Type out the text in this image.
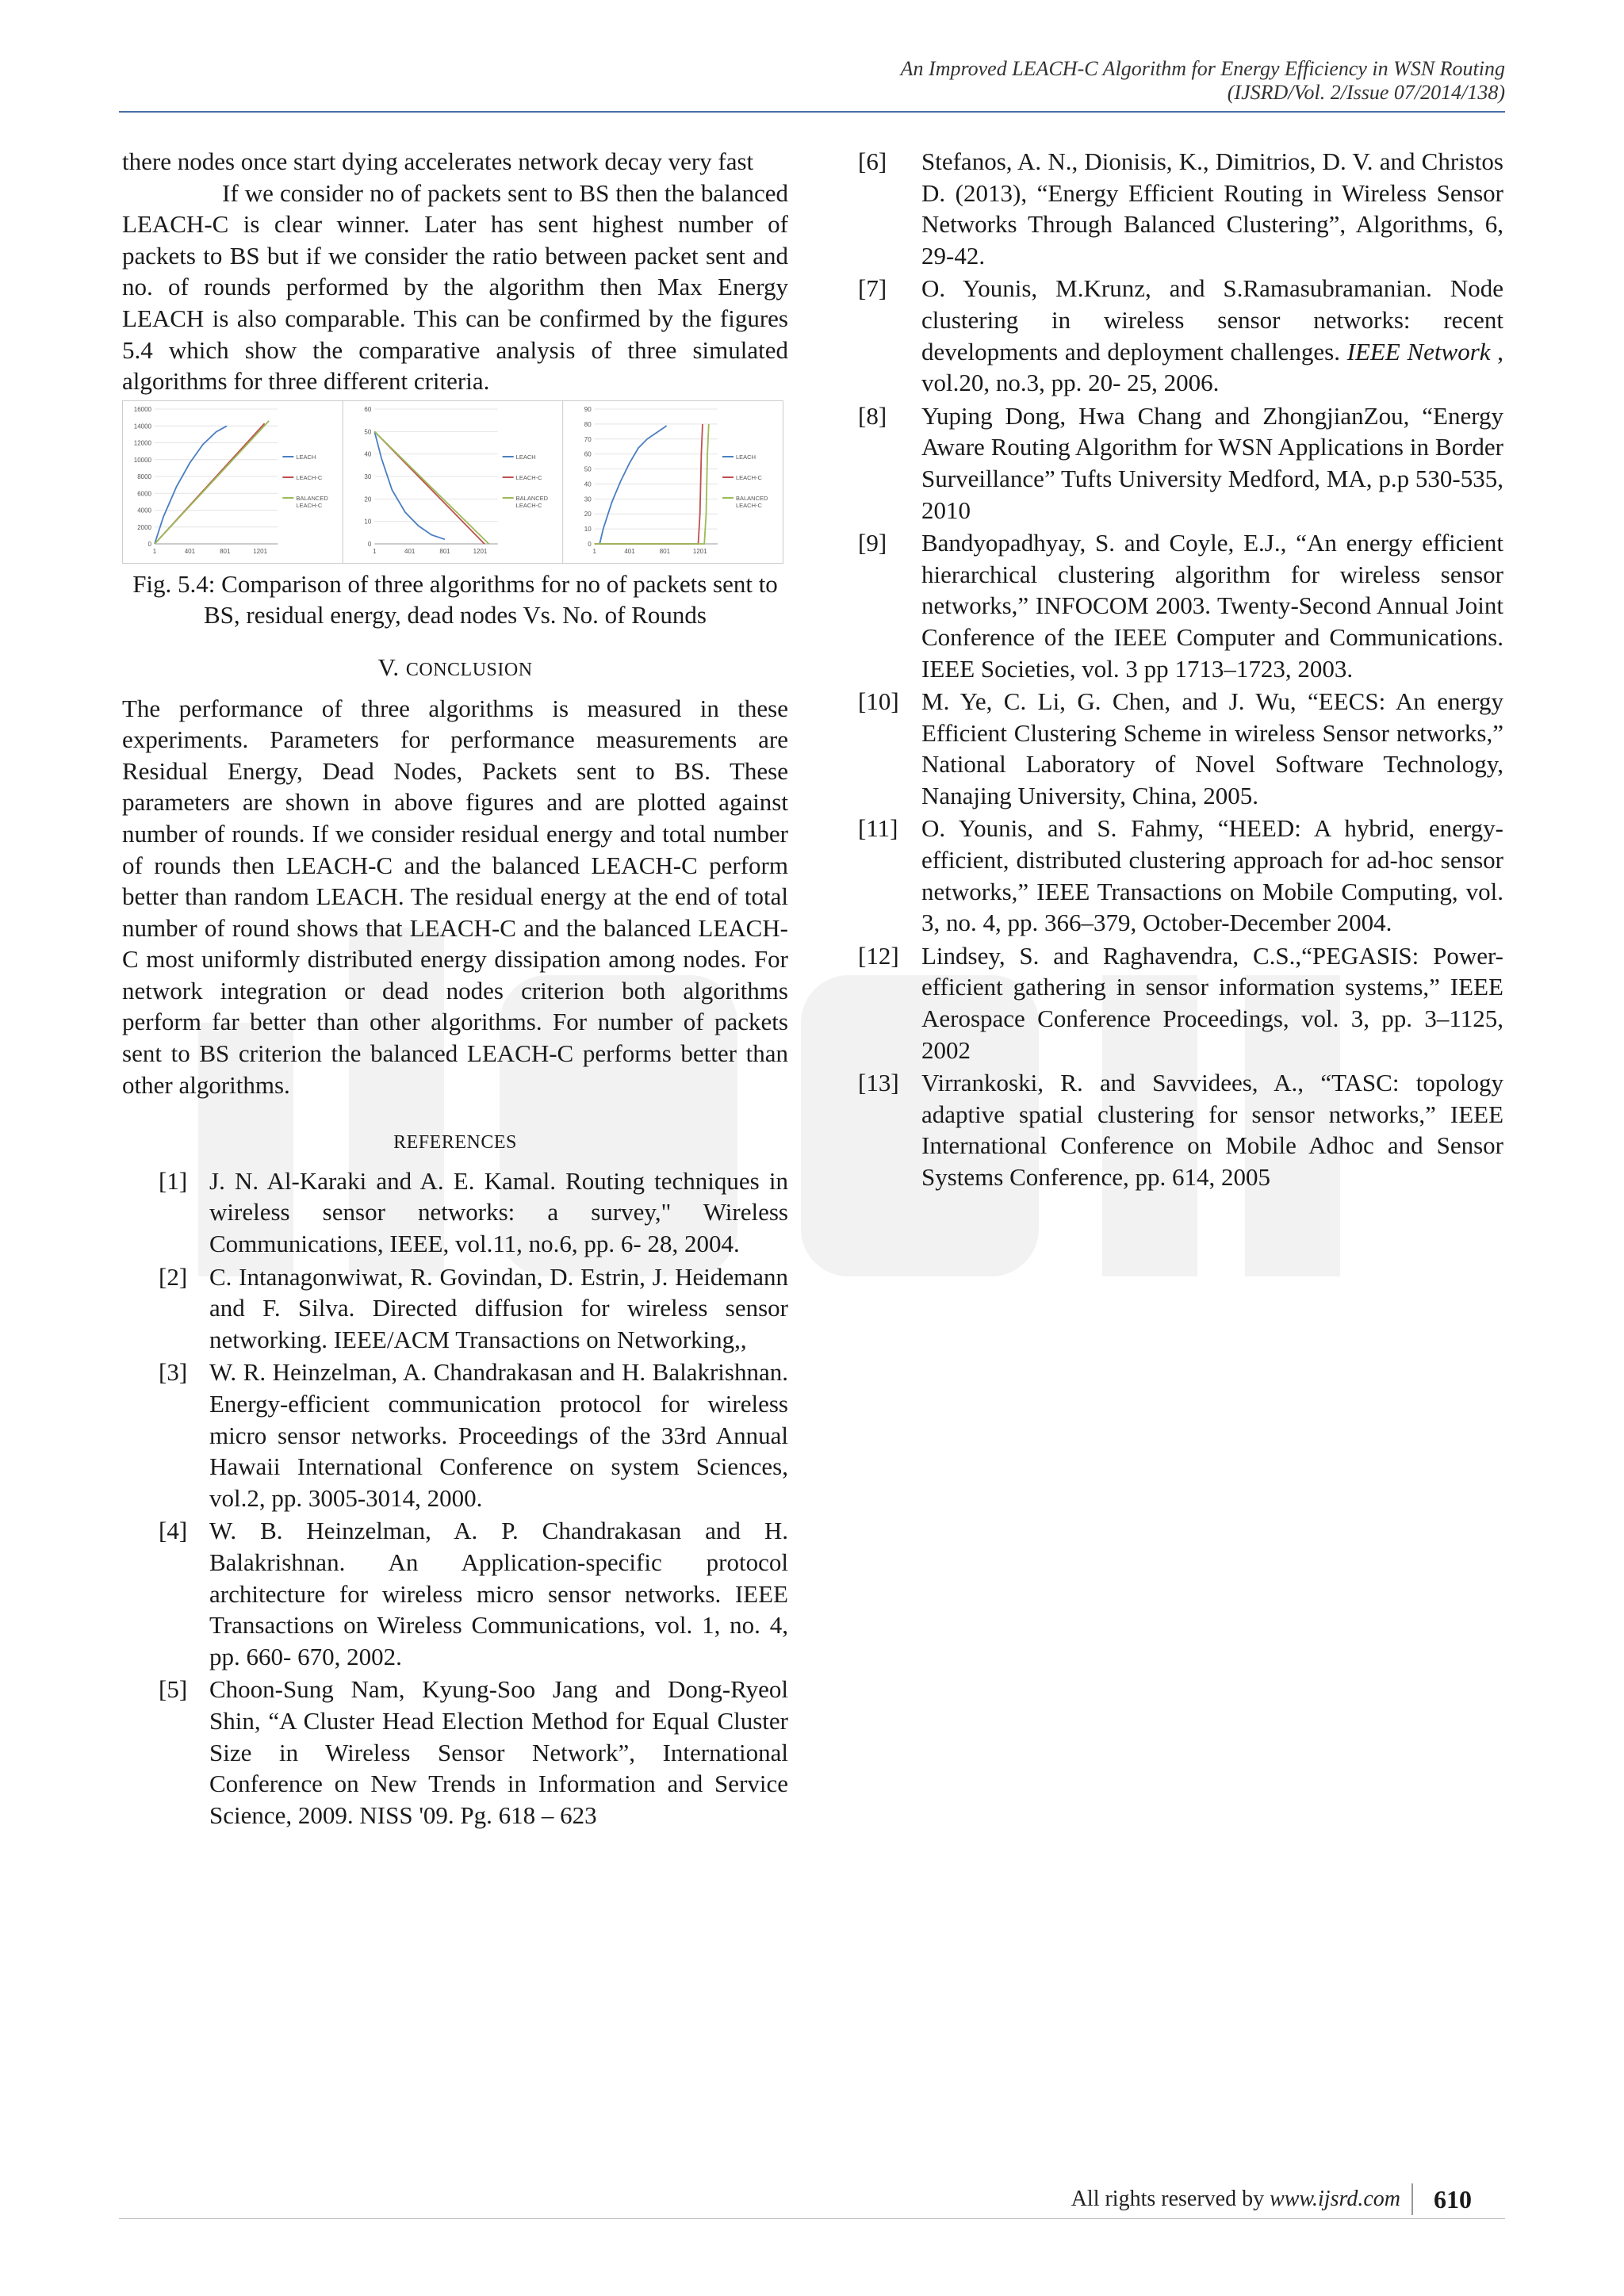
An Improved LEACH-C Algorithm for Energy Efficiency in WSN Routing
(IJSRD/Vol. 2/Issue 07/2014/138)

there nodes once start dying accelerates network decay very fast

If we consider no of packets sent to BS then the balanced LEACH-C is clear winner. Later has sent highest number of packets to BS but if we consider the ratio between packet sent and no. of rounds performed by the algorithm then Max Energy LEACH is also comparable. This can be confirmed by the figures 5.4 which show the comparative analysis of three simulated algorithms for three different criteria.

0
2000
4000
6000
8000
10000
12000
14000
16000
1	401	801	1201
LEACH
LEACH-C
BALANCED
LEACH-C
0
10
20
30
40
50
60
1	401	801	1201
LEACH
LEACH-C
BALANCED
LEACH-C
0
10
20
30
40
50
60
70
80
90
1	401	801	1201
LEACH
LEACH-C
BALANCED
LEACH-C

Fig. 5.4: Comparison of three algorithms for no of packets sent to BS, residual energy, dead nodes Vs. No. of Rounds

V. CONCLUSION

The performance of three algorithms is measured in these experiments. Parameters for performance measurements are Residual Energy, Dead Nodes, Packets sent to BS. These parameters are shown in above figures and are plotted against number of rounds. If we consider residual energy and total number of rounds then LEACH-C and the balanced LEACH-C perform better than random LEACH. The residual energy at the end of total number of round shows that LEACH-C and the balanced LEACH-C most uniformly distributed energy dissipation among nodes. For network integration or dead nodes criterion both algorithms perform far better than other algorithms. For number of packets sent to BS criterion the balanced LEACH-C performs better than other algorithms.

REFERENCES

[1] J. N. Al-Karaki and A. E. Kamal. Routing techniques in wireless sensor networks: a survey," Wireless Communications, IEEE, vol.11, no.6, pp. 6- 28, 2004.

[2] C. Intanagonwiwat, R. Govindan, D. Estrin, J. Heidemann and F. Silva. Directed diffusion for wireless sensor networking. IEEE/ACM Transactions on Networking,,

[3] W. R. Heinzelman, A. Chandrakasan and H. Balakrishnan. Energy-efficient communication protocol for wireless micro sensor networks. Proceedings of the 33rd Annual Hawaii International Conference on system Sciences, vol.2, pp. 3005-3014, 2000.

[4] W. B. Heinzelman, A. P. Chandrakasan and H. Balakrishnan. An Application-specific protocol architecture for wireless micro sensor networks. IEEE Transactions on Wireless Communications, vol. 1, no. 4, pp. 660- 670, 2002.

[5] Choon-Sung Nam, Kyung-Soo Jang and Dong-Ryeol Shin, “A Cluster Head Election Method for Equal Cluster Size in Wireless Sensor Network”, International Conference on New Trends in Information and Service Science, 2009. NISS '09. Pg. 618 – 623

[6]	Stefanos, A. N., Dionisis, K., Dimitrios, D. V. and Christos D. (2013), “Energy Efficient Routing in Wireless Sensor Networks Through Balanced Clustering”, Algorithms, 6, 29-42.

[7]	O. Younis, M.Krunz, and S.Ramasubramanian. Node clustering in wireless sensor networks: recent developments and deployment challenges. IEEE Network , vol.20, no.3, pp. 20- 25, 2006.

[8]	Yuping Dong, Hwa Chang and ZhongjianZou, “Energy Aware Routing Algorithm for WSN Applications in Border Surveillance” Tufts University Medford, MA, p.p 530-535, 2010

[9]	Bandyopadhyay, S. and Coyle, E.J., “An energy efficient hierarchical clustering algorithm for wireless sensor networks,” INFOCOM 2003. Twenty-Second Annual Joint Conference of the IEEE Computer and Communications. IEEE Societies, vol. 3 pp 1713–1723, 2003.

[10] M. Ye, C. Li, G. Chen, and J. Wu, “EECS: An energy Efficient Clustering Scheme in wireless Sensor networks,” National Laboratory of Novel Software Technology, Nanajing University, China, 2005.

[11] O. Younis, and S. Fahmy, “HEED: A hybrid, energy-efficient, distributed clustering approach for ad-hoc sensor networks,” IEEE Transactions on Mobile Computing, vol. 3, no. 4, pp. 366–379, October-December 2004.

[12] Lindsey, S. and Raghavendra, C.S.,“PEGASIS: Power-efficient gathering in sensor information systems,” IEEE Aerospace Conference Proceedings, vol. 3, pp. 3–1125, 2002

[13] Virrankoski, R. and Savvidees, A., “TASC: topology adaptive spatial clustering for sensor networks,” IEEE International Conference on Mobile Adhoc and Sensor Systems Conference, pp. 614, 2005

All rights reserved by www.ijsrd.com	610
